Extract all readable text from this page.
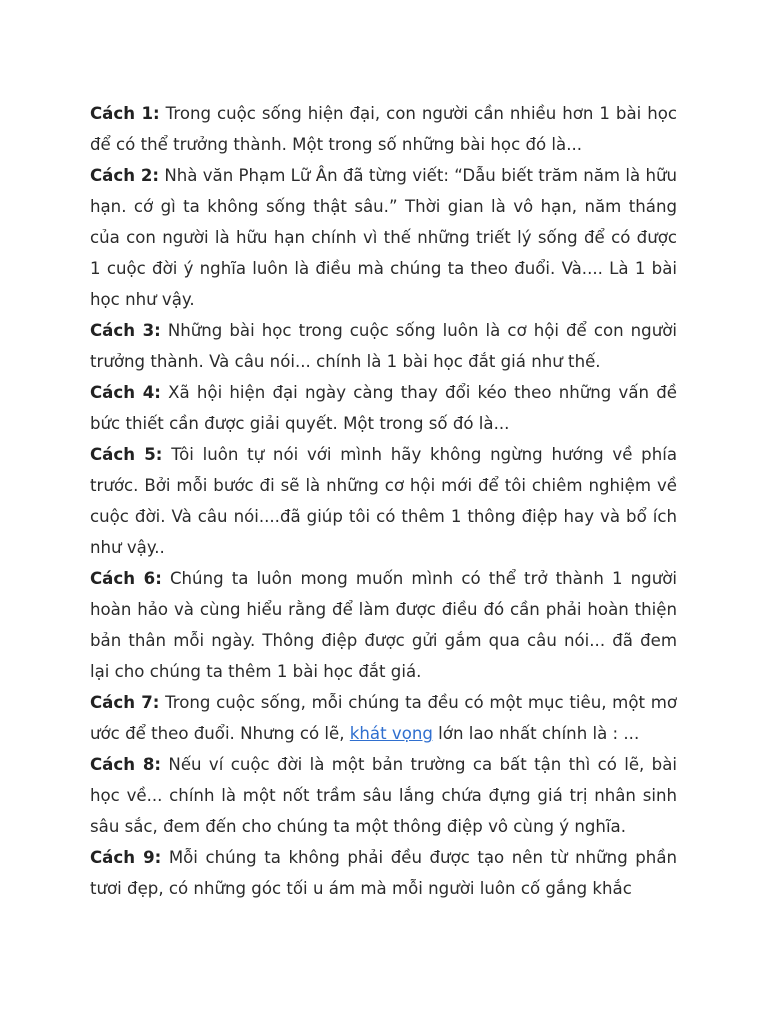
Cách 1: Trong cuộc sống hiện đại, con người cần nhiều hơn 1 bài học để có thể trưởng thành. Một trong số những bài học đó là...

Cách 2: Nhà văn Phạm Lữ Ân đã từng viết: “Dẫu biết trăm năm là hữu hạn. cớ gì ta không sống thật sâu.” Thời gian là vô hạn, năm tháng của con người là hữu hạn chính vì thế những triết lý sống để có được 1 cuộc đời ý nghĩa luôn là điều mà chúng ta theo đuổi. Và.... Là 1 bài học như vậy.

Cách 3: Những bài học trong cuộc sống luôn là cơ hội để con người trưởng thành. Và câu nói... chính là 1 bài học đắt giá như thế.

Cách 4: Xã hội hiện đại ngày càng thay đổi kéo theo những vấn đề bức thiết cần được giải quyết. Một trong số đó là...

Cách 5: Tôi luôn tự nói với mình hãy không ngừng hướng về phía trước. Bởi mỗi bước đi sẽ là những cơ hội mới để tôi chiêm nghiệm về cuộc đời. Và câu nói....đã giúp tôi có thêm 1 thông điệp hay và bổ ích như vậy..

Cách 6: Chúng ta luôn mong muốn mình có thể trở thành 1 người hoàn hảo và cùng hiểu rằng để làm được điều đó cần phải hoàn thiện bản thân mỗi ngày. Thông điệp được gửi gắm qua câu nói... đã đem lại cho chúng ta thêm 1 bài học đắt giá.

Cách 7: Trong cuộc sống, mỗi chúng ta đều có một mục tiêu, một mơ ước để theo đuổi. Nhưng có lẽ, khát vọng lớn lao nhất chính là : ...

Cách 8: Nếu ví cuộc đời là một bản trường ca bất tận thì có lẽ, bài học về... chính là một nốt trầm sâu lắng chứa đựng giá trị nhân sinh sâu sắc, đem đến cho chúng ta một thông điệp vô cùng ý nghĩa.

Cách 9: Mỗi chúng ta không phải đều được tạo nên từ những phần tươi đẹp, có những góc tối u ám mà mỗi người luôn cố gắng khắc
